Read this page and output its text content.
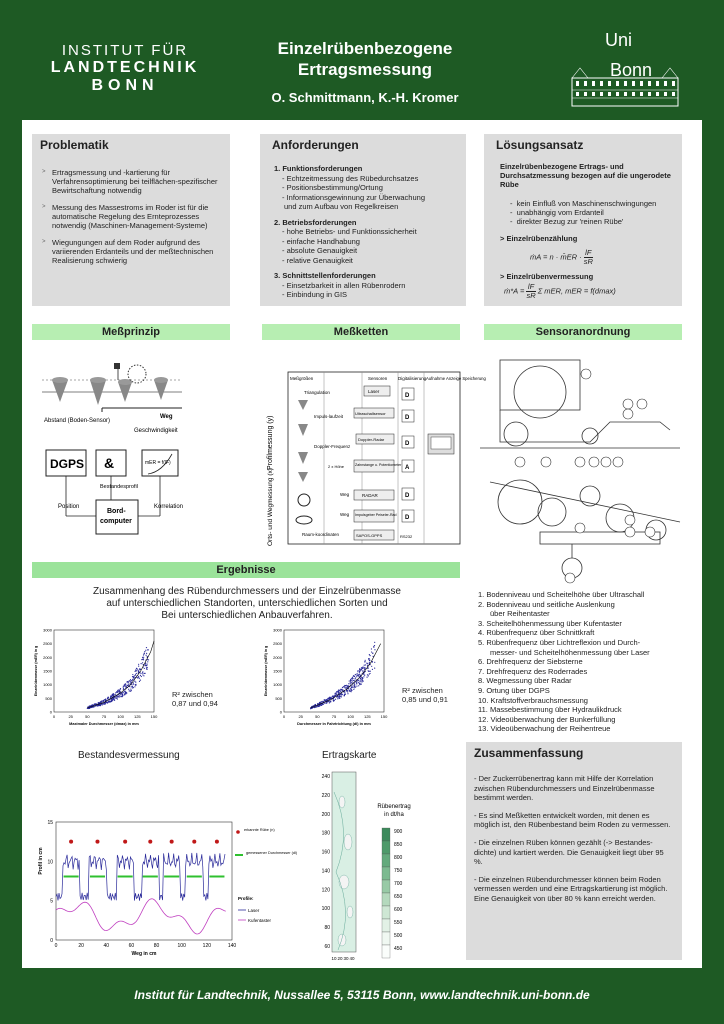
INSTITUT FÜR
LANDTECHNIK
BONN
Einzelrübenbezogene
Ertragsmessung
O. Schmittmann, K.-H. Kromer
Uni
Bonn
Problematik
> Ertragsmessung und -kartierung für Verfahrensoptimierung bei teilflächen-spezifischer Bewirtschaftung notwendig
> Messung des Massestroms im Roder ist für die automatische Regelung des Ernteprozesses notwendig (Maschinen-Management-Systeme)
> Wiegungungen auf dem Roder aufgrund des variierenden Erdanteils und der meßtechnischen Realisierung schwierig
Anforderungen
1. Funktionsforderungen
- Echtzeitmessung des Rübedurchsatzes
- Positionsbestimmung/Ortung
- Informationsgewinnung zur Überwachung
und zum Aufbau von Regelkreisen
2. Betriebsforderungen
- hohe Betriebs- und Funktionssicherheit
- einfache Handhabung
- absolute Genauigkeit
- relative Genauigkeit
3. Schnittstellenforderungen
- Einsetzbarkeit in allen Rübenrodern
- Einbindung in GIS
Lösungsansatz
Einzelrübenbezogene Ertrags- und Durchsatzmessung bezogen auf die ungerodete Rübe
-  kein Einfluß von Maschinenschwingungen
-  unabhängig vom Erdanteil
-  direkter Bezug zur 'reinen Rübe'
> Einzelrübenzählung
ṁA = n · m̄ER · $\frac{lF}{sR}$
> Einzelrübenvermessung
ṁ*A = $\frac{lF}{sR}$ Σ mER, mER = f(dmax)
Meßprinzip	Meßketten	Sensoranordnung
Ergebnisse
Abstand (Boden-Sensor)
Weg
Geschwindigkeit
DGPS &	mER = f(lF)
Bestandesprofil
Position	Korrelation
Bord-
computer
Profilmessung (y)
Orts- und Wegmessung (x)
Meßgrößen	Sensoren Digitalisierung Aufnahme Anzeige Speicherung
Triangulation
Impuls-laufzeit
Doppler-Frequenz
Weg
Weg
Raum-koordinaten
Laser
Ultraschallsensor
Doppler-Radar
Zahnstange u. Potentiometer
RADAR
Impulsgeber Peiseler-Rad
SAPOS-GPPS
2 x Höhe
RS232
D
D
D
A
D
D
1. Bodenniveau und Scheitelhöhe über Ultraschall
2. Bodenniveau und seitliche Auslenkung
über Reihentaster
3. Scheitelhöhenmessung über Kufentaster
4. Rübenfrequenz über Schnittkraft
5. Rübenfrequenz über Lichtreflexion und Durch-
messer- und Scheitelhöhenmessung über Laser
6. Drehfrequenz der Siebsterne
7. Drehfrequenz des Roderrades
8. Wegmessung über Radar
9. Ortung über DGPS
10. Kraftstoffverbrauchsmessung
11. Massebestimmung über Hydraulikdruck
12. Videoüberwachung der Bunkerfüllung
13. Videoüberwachung der Reihentreue
Zusammenhang des Rübendurchmessers und der Einzelrübenmasse
auf unterschiedlichen Standorten, unterschiedlichen Sorten und
Bei unterschiedlichen Anbauverfahren.
0
500
1000
1500
2000
2500
3000
0	25	50	75	100 125 150
Maximaler Durchmesser (dmax) in mm
Einzelrübenmasse (mER) in g	R² zwischen
0,87 und 0,94
0
500
1000
1500
2000
2500
3000
0	25	50	75	100 125 150
Durchmesser in Fahrtrichtung (dl) in mm
Einzelrübenmasse (mER) in g	R² zwischen
0,85 und 0,91
Bestandesvermessung
0
5
10
15
0	20	40	60	80	100	120	140
Weg in cm
Profil in cm
erkannte Rübe (n)
gemessener Durchmesser (dl)
Profile:
Laser
Kufentaster
Ertragskarte
60
80
100
120
140
160
180
200
220
240
10 20 30 40
Rübenertrag
in dt/ha
900
850
800
750
700
650
600
550
500
450
Zusammenfassung
- Der Zuckerrübenertrag kann mit Hilfe der Korrelation zwischen Rübendurchmessers und Einzelrübenmasse bestimmt werden.
- Es sind Meßketten entwickelt worden, mit denen es möglich ist, den Rübenbestand beim Roden zu vermessen.
- Die einzelnen Rüben können gezählt (-> Bestandes-dichte) und kartiert werden. Die Genauigkeit liegt über 95 %.
- Die einzelnen Rübendurchmesser können beim Roden vermessen werden und eine Ertragskartierung ist möglich. Eine Genauigkeit von über 80 % kann erreicht werden.
Institut für Landtechnik, Nussallee 5, 53115 Bonn, www.landtechnik.uni-bonn.de
